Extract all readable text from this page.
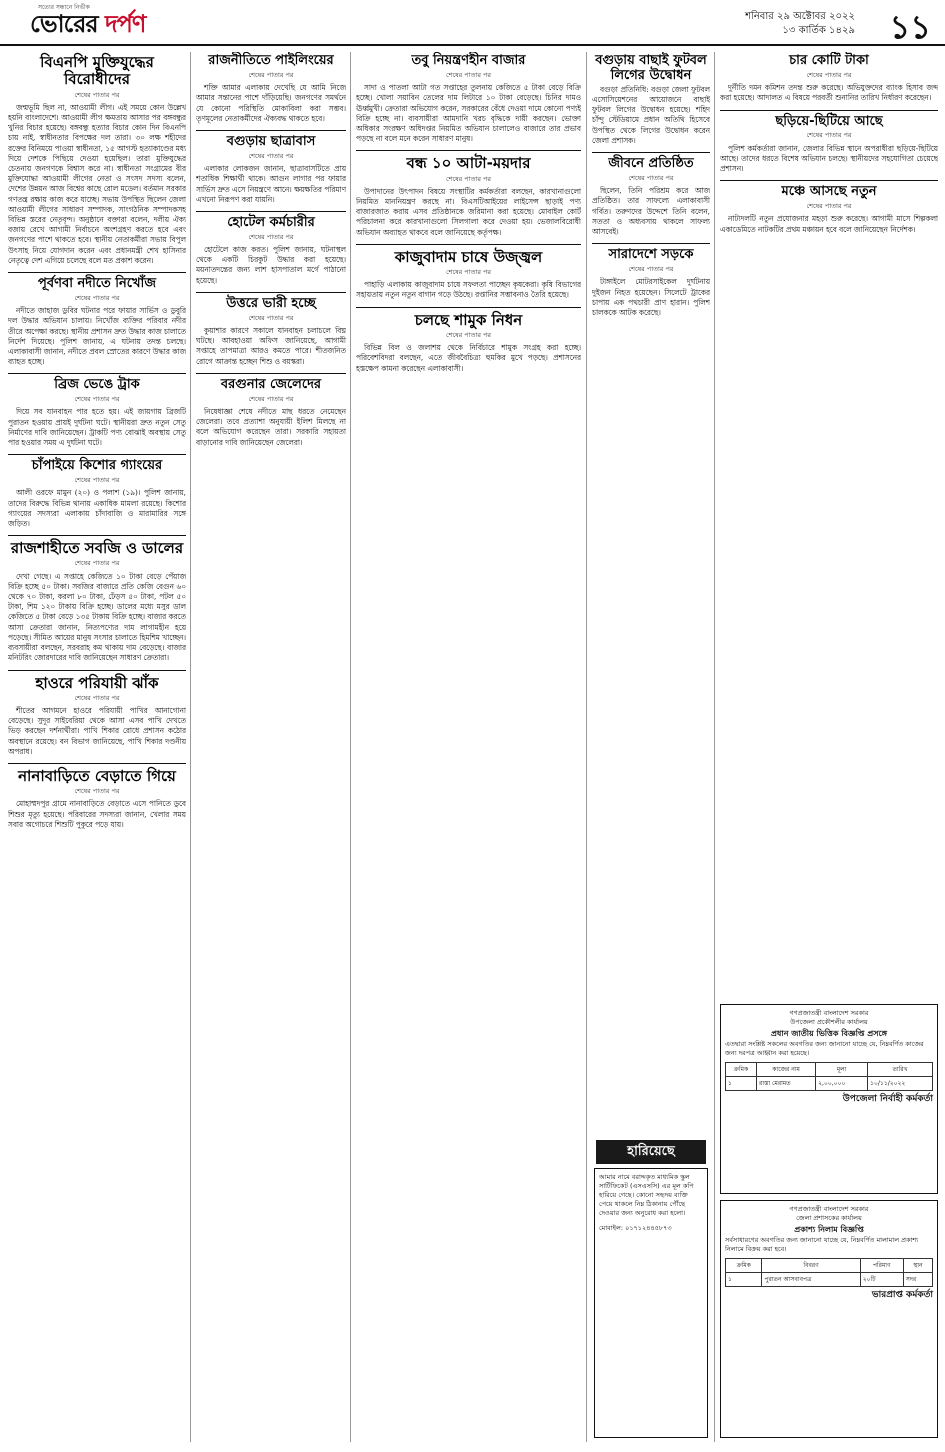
সত্যের সন্ধানে নির্ভীক
ভোরের দর্পণ	শনিবার ২৯ অক্টোবর ২০২২
১৩ কার্তিক ১৪২৯ ১১
বিএনপি মুক্তিযুদ্ধের বিরোধীদের
শেষের পাতার পর

জন্মভূমি ছিল না, আওয়ামী লীগ। এই সময়ে কোন উল্লেখ হয়নি বাংলাদেশে। আওয়ামী লীগ ক্ষমতায় আসার পর বঙ্গবন্ধুর খুনির বিচার হয়েছে। বঙ্গবন্ধু হত্যার বিচার কোন দিন বিএনপি চায় নাই, স্বাধীনতার বিপক্ষের দল তারা। ৩০ লক্ষ শহীদের রক্তের বিনিময়ে পাওয়া স্বাধীনতা, ১৫ আগস্ট হত্যাকাণ্ডের মধ্য দিয়ে দেশকে পিছিয়ে দেওয়া হয়েছিল। তারা মুক্তিযুদ্ধের চেতনায় জনগণকে বিশ্বাস করে না। স্বাধীনতা সংগ্রামের বীর মুক্তিযোদ্ধা আওয়ামী লীগের নেতা ও সংসদ সদস্য বলেন, দেশের উন্নয়ন আজ বিশ্বের কাছে রোল মডেল। বর্তমান সরকার গণতন্ত্র রক্ষায় কাজ করে যাচ্ছে। সভায় উপস্থিত ছিলেন জেলা আওয়ামী লীগের সাধারণ সম্পাদক, সাংগঠনিক সম্পাদকসহ বিভিন্ন স্তরের নেতৃবৃন্দ। অনুষ্ঠানে বক্তারা বলেন, দলীয় ঐক্য বজায় রেখে আগামী নির্বাচনে অংশগ্রহণ করতে হবে এবং জনগণের পাশে থাকতে হবে। স্থানীয় নেতাকর্মীরা সভায় বিপুল উৎসাহ নিয়ে যোগদান করেন এবং প্রধানমন্ত্রী শেখ হাসিনার নেতৃত্বে দেশ এগিয়ে চলেছে বলে মত প্রকাশ করেন।

পূর্বণবা নদীতে নিখোঁজ
শেষের পাতার পর

নদীতে জাহাজ ডুবির ঘটনার পরে ফায়ার সার্ভিস ও ডুবুরি দল উদ্ধার অভিযান চালায়। নিখোঁজ ব্যক্তির পরিবার নদীর তীরে অপেক্ষা করছে। স্থানীয় প্রশাসন দ্রুত উদ্ধার কাজ চালাতে নির্দেশ দিয়েছে। পুলিশ জানায়, এ ঘটনায় তদন্ত চলছে। এলাকাবাসী জানান, নদীতে প্রবল স্রোতের কারণে উদ্ধার কাজ ব্যাহত হচ্ছে।

ব্রিজ ভেঙে ট্রাক
শেষের পাতার পর

দিয়ে সব যানবাহন পার হতে হয়। এই জায়গায় ব্রিজটি পুরাতন হওয়ায় প্রায়ই দুর্ঘটনা ঘটে। স্থানীয়রা দ্রুত নতুন সেতু নির্মাণের দাবি জানিয়েছেন। ট্রাকটি পণ্য বোঝাই অবস্থায় সেতু পার হওয়ার সময় এ দুর্ঘটনা ঘটে।

চাঁপাইয়ে কিশোর গ্যাংয়ের
শেষের পাতার পর

আলী ওরফে মামুন (২০) ও পলাশ (১৯)। পুলিশ জানায়, তাদের বিরুদ্ধে বিভিন্ন থানায় একাধিক মামলা রয়েছে। কিশোর গ্যাংয়ের সদস্যরা এলাকায় চাঁদাবাজি ও মারামারির সঙ্গে জড়িত।

রাজশাহীতে সবজি ও ডালের
শেষের পাতার পর

দেখা গেছে। এ সপ্তাহে কেজিতে ১০ টাকা বেড়ে পেঁয়াজ বিক্রি হচ্ছে ৫০ টাকা। সবজির বাজারে প্রতি কেজি বেগুন ৬০ থেকে ৭০ টাকা, করলা ৮০ টাকা, ঢেঁড়স ৫০ টাকা, পটল ৫০ টাকা, শিম ১২০ টাকায় বিক্রি হচ্ছে। ডালের মধ্যে মসুর ডাল কেজিতে ৫ টাকা বেড়ে ১৩৫ টাকায় বিক্রি হচ্ছে। বাজার করতে আসা ক্রেতারা জানান, নিত্যপণ্যের দাম লাগামহীন হয়ে পড়েছে। সীমিত আয়ের মানুষ সংসার চালাতে হিমশিম খাচ্ছেন। ব্যবসায়ীরা বলছেন, সরবরাহ কম থাকায় দাম বেড়েছে। বাজার মনিটরিং জোরদারের দাবি জানিয়েছেন সাধারণ ক্রেতারা।

হাওরে পরিযায়ী ঝাঁক
শেষের পাতার পর

শীতের আগমনে হাওরে পরিযায়ী পাখির আনাগোনা বেড়েছে। সুদূর সাইবেরিয়া থেকে আসা এসব পাখি দেখতে ভিড় করছেন দর্শনার্থীরা। পাখি শিকার রোধে প্রশাসন কঠোর অবস্থানে রয়েছে। বন বিভাগ জানিয়েছে, পাখি শিকার দণ্ডনীয় অপরাধ।

নানাবাড়িতে বেড়াতে গিয়ে
শেষের পাতার পর

মোহাম্মদপুর গ্রামে নানাবাড়িতে বেড়াতে এসে পানিতে ডুবে শিশুর মৃত্যু হয়েছে। পরিবারের সদস্যরা জানান, খেলার সময় সবার অগোচরে শিশুটি পুকুরে পড়ে যায়।

রাজনীতিতে পাইলিংয়ের
শেষের পাতার পর

শক্তি আমার এলাকায় দেখেছি যে আমি নিজে আমার সন্তানের পাশে দাঁড়িয়েছি। জনগণের সমর্থনে যে কোনো পরিস্থিতি মোকাবিলা করা সম্ভব। তৃণমূলের নেতাকর্মীদের ঐক্যবদ্ধ থাকতে হবে।

বগুড়ায় ছাত্রাবাস
শেষের পাতার পর

এলাকার লোকজন জানান, ছাত্রাবাসটিতে প্রায় শতাধিক শিক্ষার্থী থাকে। আগুন লাগার পর ফায়ার সার্ভিস দ্রুত এসে নিয়ন্ত্রণে আনে। ক্ষয়ক্ষতির পরিমাণ এখনো নিরূপণ করা যায়নি।

হোটেল কর্মচারীর
শেষের পাতার পর

হোটেলে কাজ করত। পুলিশ জানায়, ঘটনাস্থল থেকে একটি চিরকুট উদ্ধার করা হয়েছে। ময়নাতদন্তের জন্য লাশ হাসপাতাল মর্গে পাঠানো হয়েছে।

উত্তরে ভারী হচ্ছে
শেষের পাতার পর

কুয়াশার কারণে সকালে যানবাহন চলাচলে বিঘ্ন ঘটছে। আবহাওয়া অফিস জানিয়েছে, আগামী সপ্তাহে তাপমাত্রা আরও কমতে পারে। শীতজনিত রোগে আক্রান্ত হচ্ছেন শিশু ও বয়স্করা।

বরগুনার জেলেদের
শেষের পাতার পর

নিষেধাজ্ঞা শেষে নদীতে মাছ ধরতে নেমেছেন জেলেরা। তবে প্রত্যাশা অনুযায়ী ইলিশ মিলছে না বলে অভিযোগ করেছেন তারা। সরকারি সহায়তা বাড়ানোর দাবি জানিয়েছেন জেলেরা।

তবু নিয়ন্ত্রণহীন বাজার
শেষের পাতার পর

সাদা ও পাতলা আটা গত সপ্তাহের তুলনায় কেজিতে ৫ টাকা বেড়ে বিক্রি হচ্ছে। খোলা সয়াবিন তেলের দাম লিটারে ১০ টাকা বেড়েছে। চিনির দামও ঊর্ধ্বমুখী। ক্রেতারা অভিযোগ করেন, সরকারের বেঁধে দেওয়া দামে কোনো পণ্যই বিক্রি হচ্ছে না। ব্যবসায়ীরা আমদানি খরচ বৃদ্ধিকে দায়ী করছেন। ভোক্তা অধিকার সংরক্ষণ অধিদপ্তর নিয়মিত অভিযান চালালেও বাজারে তার প্রভাব পড়ছে না বলে মনে করেন সাধারণ মানুষ।

বন্ধ ১০ আটা-ময়দার
শেষের পাতার পর

উপাদানের উৎপাদন বিষয়ে সংস্থাটির কর্মকর্তারা বলছেন, কারখানাগুলো নিয়মিত মাননিয়ন্ত্রণ করছে না। বিএসটিআইয়ের লাইসেন্স ছাড়াই পণ্য বাজারজাত করায় এসব প্রতিষ্ঠানকে জরিমানা করা হয়েছে। মোবাইল কোর্ট পরিচালনা করে কারখানাগুলো সিলগালা করে দেওয়া হয়। ভেজালবিরোধী অভিযান অব্যাহত থাকবে বলে জানিয়েছে কর্তৃপক্ষ।

কাজুবাদাম চাষে উজ্জ্বল
শেষের পাতার পর

পাহাড়ি এলাকায় কাজুবাদাম চাষে সফলতা পাচ্ছেন কৃষকেরা। কৃষি বিভাগের সহায়তায় নতুন নতুন বাগান গড়ে উঠছে। রপ্তানির সম্ভাবনাও তৈরি হয়েছে।

চলছে শামুক নিধন
শেষের পাতার পর

বিভিন্ন বিল ও জলাশয় থেকে নির্বিচারে শামুক সংগ্রহ করা হচ্ছে। পরিবেশবিদরা বলছেন, এতে জীববৈচিত্র্য হুমকির মুখে পড়ছে। প্রশাসনের হস্তক্ষেপ কামনা করেছেন এলাকাবাসী।

বগুড়ায় বাছাই ফুটবল লিগের উদ্বোধন

বগুড়া প্রতিনিধি: বগুড়া জেলা ফুটবল এসোসিয়েশনের আয়োজনে বাছাই ফুটবল লিগের উদ্বোধন হয়েছে। শহিদ চাঁন্দু স্টেডিয়ামে প্রধান অতিথি হিসেবে উপস্থিত থেকে লিগের উদ্বোধন করেন জেলা প্রশাসক।

জীবনে প্রতিষ্ঠিত
শেষের পাতার পর

ছিলেন, তিনি পরিশ্রম করে আজ প্রতিষ্ঠিত। তার সাফল্যে এলাকাবাসী গর্বিত। তরুণদের উদ্দেশে তিনি বলেন, সততা ও অধ্যবসায় থাকলে সাফল্য আসবেই।

সারাদেশে সড়কে
শেষের পাতার পর

টাঙ্গাইলে মোটরসাইকেল দুর্ঘটনায় দুইজন নিহত হয়েছেন। সিলেটে ট্রাকের চাপায় এক পথচারী প্রাণ হারান। পুলিশ চালককে আটক করেছে।

হারিয়েছে

আমার নামে বরাদ্দকৃত মাধ্যমিক স্কুল সার্টিফিকেট (এসএসসি) এর মূল কপি হারিয়ে গেছে। কোনো সহৃদয় ব্যক্তি পেয়ে থাকলে নিম্ন ঠিকানায় পৌঁছে দেওয়ার জন্য অনুরোধ করা হলো।

মোবাইল: ০১৭১২৪৪৫৮৭৩

চার কোটি টাকা
শেষের পাতার পর

দুর্নীতি দমন কমিশন তদন্ত শুরু করেছে। অভিযুক্তদের ব্যাংক হিসাব জব্দ করা হয়েছে। আদালত এ বিষয়ে পরবর্তী শুনানির তারিখ নির্ধারণ করেছেন।

ছড়িয়ে-ছিটিয়ে আছে
শেষের পাতার পর

পুলিশ কর্মকর্তারা জানান, জেলার বিভিন্ন স্থানে অপরাধীরা ছড়িয়ে-ছিটিয়ে আছে। তাদের ধরতে বিশেষ অভিযান চলছে। স্থানীয়দের সহযোগিতা চেয়েছে প্রশাসন।

মঞ্চে আসছে নতুন
শেষের পাতার পর

নাট্যদলটি নতুন প্রযোজনার মহড়া শুরু করেছে। আগামী মাসে শিল্পকলা একাডেমিতে নাটকটির প্রথম মঞ্চায়ন হবে বলে জানিয়েছেন নির্দেশক।

গণপ্রজাতন্ত্রী বাংলাদেশ সরকার
উপজেলা প্রকৌশলীর কার্যালয়
প্রধান জাতীয় ভিত্তিক বিজ্ঞপ্তি প্রসঙ্গে

এতদ্বারা সংশ্লিষ্ট সকলের অবগতির জন্য জানানো যাচ্ছে যে, নিম্নবর্ণিত কাজের জন্য দরপত্র আহ্বান করা হয়েছে।

ক্রমিক	কাজের নাম	মূল্য	তারিখ
১	রাস্তা মেরামত	২,০০,০০০	১০/১১/২০২২
উপজেলা নির্বাহী কর্মকর্তা
গণপ্রজাতন্ত্রী বাংলাদেশ সরকার
জেলা প্রশাসকের কার্যালয়
প্রকাশ্য নিলাম বিজ্ঞপ্তি

সর্বসাধারণের অবগতির জন্য জানানো যাচ্ছে যে, নিম্নবর্ণিত মালামাল প্রকাশ্য নিলামে বিক্রয় করা হবে।

ক্রমিক	বিবরণ	পরিমাণ	স্থান
১	পুরাতন আসবাবপত্র	২০টি	সদর
ভারপ্রাপ্ত কর্মকর্তা
